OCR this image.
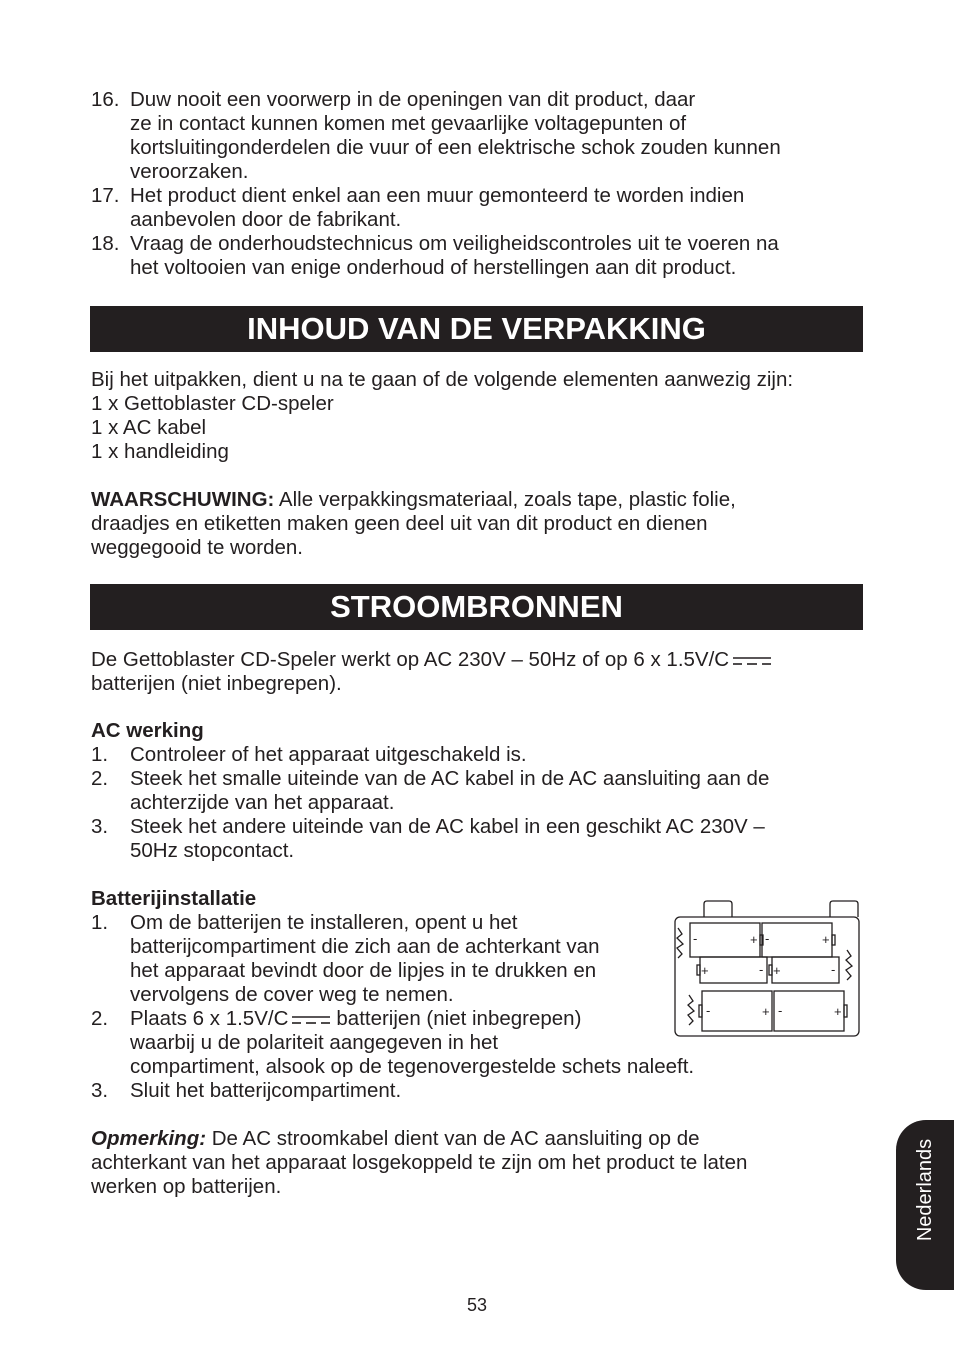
16. Duw nooit een voorwerp in de openingen van dit product, daar
ze in contact kunnen komen met gevaarlijke voltagepunten of
kortsluitingonderdelen die vuur of een elektrische schok zouden kunnen
veroorzaken.
17. Het product dient enkel aan een muur gemonteerd te worden indien
aanbevolen door de fabrikant.
18. Vraag de onderhoudstechnicus om veiligheidscontroles uit te voeren na
het voltooien van enige onderhoud of herstellingen aan dit product.
INHOUD VAN DE VERPAKKING
Bij het uitpakken, dient u na te gaan of de volgende elementen aanwezig zijn:
1 x Gettoblaster CD-speler
1 x AC kabel
1 x handleiding
WAARSCHUWING: Alle verpakkingsmateriaal, zoals tape, plastic folie,
draadjes en etiketten maken geen deel uit van dit product en dienen
weggegooid te worden.
STROOMBRONNEN
De Gettoblaster CD-Speler werkt op AC 230V – 50Hz of op 6 x 1.5V/C
batterijen (niet inbegrepen).
AC werking
1. Controleer of het apparaat uitgeschakeld is.
2. Steek het smalle uiteinde van de AC kabel in de AC aansluiting aan de
achterzijde van het apparaat.
3. Steek het andere uiteinde van de AC kabel in een geschikt AC 230V –
50Hz stopcontact.
Batterijinstallatie
1. Om de batterijen te installeren, opent u het
batterijcompartiment die zich aan de achterkant van
het apparaat bevindt door de lipjes in te drukken en
vervolgens de cover weg te nemen.
2. Plaats 6 x 1.5V/C batterijen (niet inbegrepen)
waarbij u de polariteit aangegeven in het
compartiment, alsook op de tegenovergestelde schets naleeft.
3. Sluit het batterijcompartiment.
Opmerking: De AC stroomkabel dient van de AC aansluiting op de
achterkant van het apparaat losgekoppeld te zijn om het product te laten
werken op batterijen.
-	+ -	+
+	- +	-
-	+ -	+
Nederlands
53
